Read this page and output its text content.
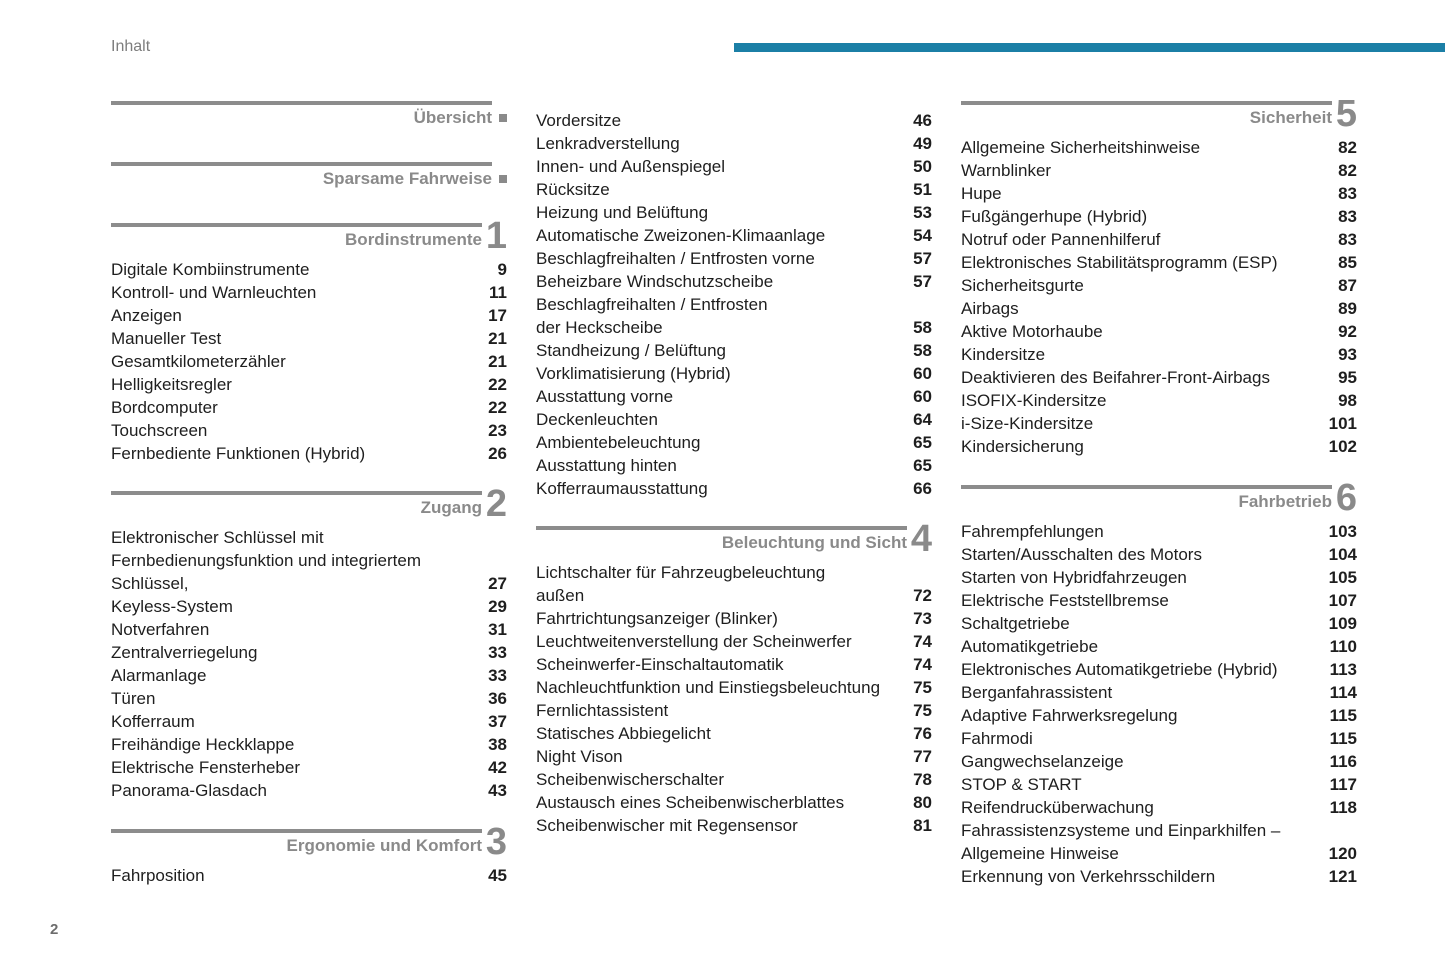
Inhalt
2
Übersicht
Sparsame Fahrweise
Bordinstrumente 1
Digitale Kombiinstrumente	9
Kontroll- und Warnleuchten	11
Anzeigen	17
Manueller Test	21
Gesamtkilometerzähler	21
Helligkeitsregler	22
Bordcomputer	22
Touchscreen	23
Fernbediente Funktionen (Hybrid)	26
Zugang 2
Elektronischer Schlüssel mit
Fernbedienungsfunktion und integriertem
Schlüssel,	27
Keyless-System	29
Notverfahren	31
Zentralverriegelung	33
Alarmanlage	33
Türen	36
Kofferraum	37
Freihändige Heckklappe	38
Elektrische Fensterheber	42
Panorama-Glasdach	43
Ergonomie und Komfort 3
Fahrposition	45
Vordersitze	46
Lenkradverstellung	49
Innen- und Außenspiegel	50
Rücksitze	51
Heizung und Belüftung	53
Automatische Zweizonen-Klimaanlage	54
Beschlagfreihalten / Entfrosten vorne	57
Beheizbare Windschutzscheibe	57
Beschlagfreihalten / Entfrosten
der Heckscheibe	58
Standheizung / Belüftung	58
Vorklimatisierung (Hybrid)	60
Ausstattung vorne	60
Deckenleuchten	64
Ambientebeleuchtung	65
Ausstattung hinten	65
Kofferraumausstattung	66
Beleuchtung und Sicht 4
Lichtschalter für Fahrzeugbeleuchtung
außen	72
Fahrtrichtungsanzeiger (Blinker)	73
Leuchtweitenverstellung der Scheinwerfer	74
Scheinwerfer-Einschaltautomatik	74
Nachleuchtfunktion und Einstiegsbeleuchtung	75
Fernlichtassistent	75
Statisches Abbiegelicht	76
Night Vison	77
Scheibenwischerschalter	78
Austausch eines Scheibenwischerblattes	80
Scheibenwischer mit Regensensor	81
Sicherheit 5
Allgemeine Sicherheitshinweise	82
Warnblinker	82
Hupe	83
Fußgängerhupe (Hybrid)	83
Notruf oder Pannenhilferuf	83
Elektronisches Stabilitätsprogramm (ESP)	85
Sicherheitsgurte	87
Airbags	89
Aktive Motorhaube	92
Kindersitze	93
Deaktivieren des Beifahrer-Front-Airbags	95
ISOFIX-Kindersitze	98
i-Size-Kindersitze	101
Kindersicherung	102
Fahrbetrieb 6
Fahrempfehlungen	103
Starten/Ausschalten des Motors	104
Starten von Hybridfahrzeugen	105
Elektrische Feststellbremse	107
Schaltgetriebe	109
Automatikgetriebe	110
Elektronisches Automatikgetriebe (Hybrid)	113
Berganfahrassistent	114
Adaptive Fahrwerksregelung	115
Fahrmodi	115
Gangwechselanzeige	116
STOP & START	117
Reifendrucküberwachung	118
Fahrassistenzsysteme und Einparkhilfen –
Allgemeine Hinweise	120
Erkennung von Verkehrsschildern	121
